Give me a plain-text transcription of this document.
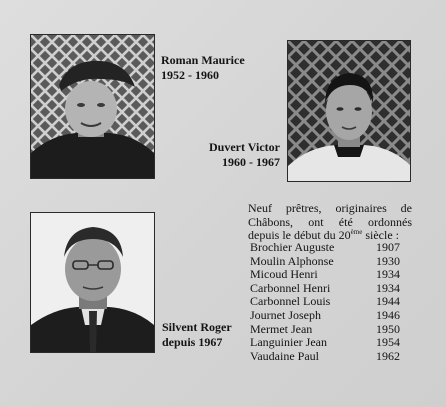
Roman Maurice
1952 - 1960
Duvert Victor
1960 - 1967
Silvent Roger
depuis 1967
Neuf prêtres, originaires de
Châbons, ont été ordonnés
depuis le début du 20ème siècle :
Brochier Auguste	1907
Moulin Alphonse	1930
Micoud Henri	1934
Carbonnel Henri	1934
Carbonnel Louis	1944
Journet Joseph	1946
Mermet Jean	1950
Languinier Jean	1954
Vaudaine Paul	1962
